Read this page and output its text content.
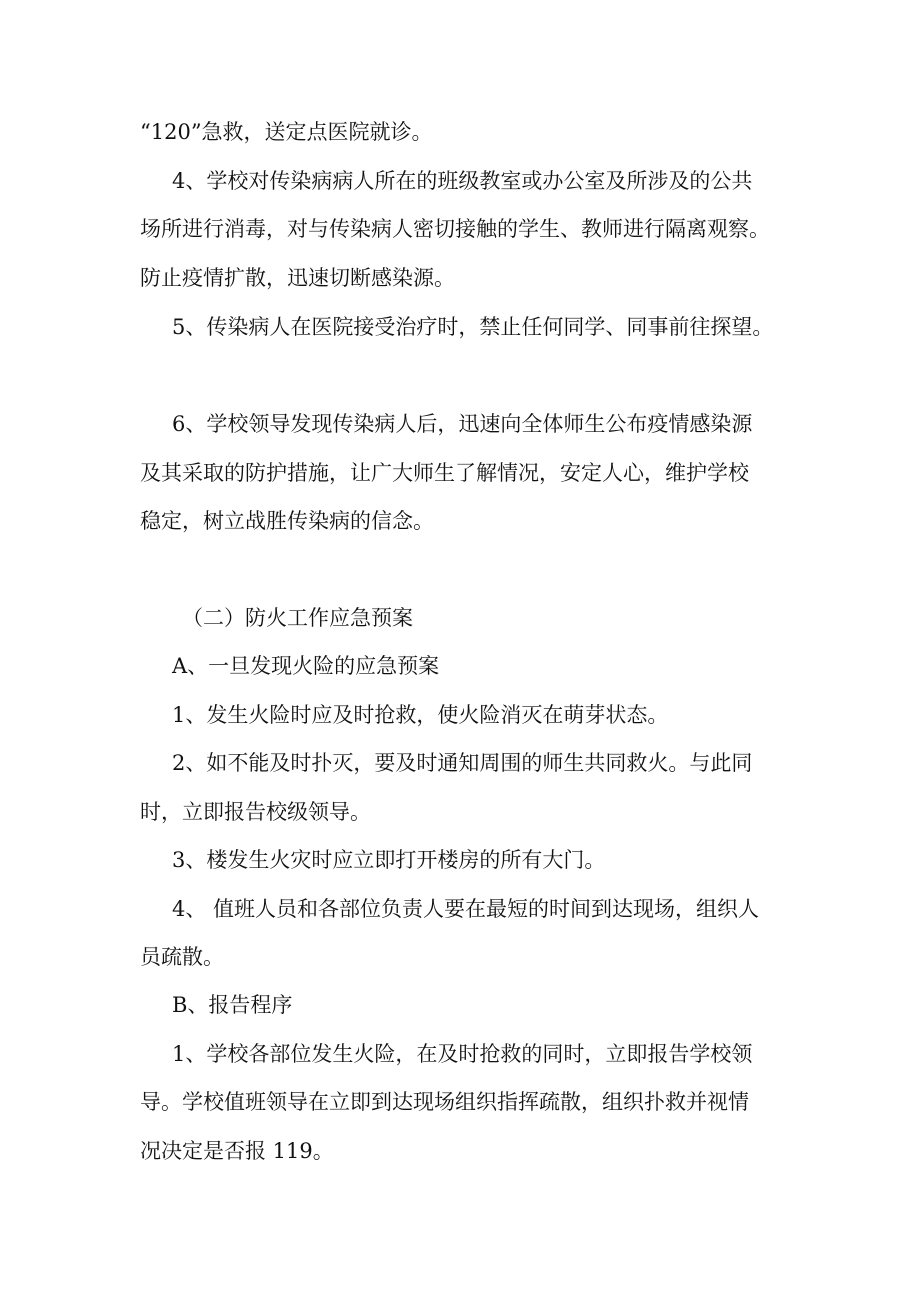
“120”急救，送定点医院就诊。
4、学校对传染病病人所在的班级教室或办公室及所涉及的公共
场所进行消毒，对与传染病人密切接触的学生、教师进行隔离观察。
防止疫情扩散，迅速切断感染源。
5、传染病人在医院接受治疗时，禁止任何同学、同事前往探望。
6、学校领导发现传染病人后，迅速向全体师生公布疫情感染源
及其采取的防护措施，让广大师生了解情况，安定人心，维护学校
稳定，树立战胜传染病的信念。
（二）防火工作应急预案
A、一旦发现火险的应急预案
1、发生火险时应及时抢救，使火险消灭在萌芽状态。
2、如不能及时扑灭，要及时通知周围的师生共同救火。与此同
时，立即报告校级领导。
3、楼发生火灾时应立即打开楼房的所有大门。
4、 值班人员和各部位负责人要在最短的时间到达现场，组织人
员疏散。
B、报告程序
1、学校各部位发生火险，在及时抢救的同时，立即报告学校领
导。学校值班领导在立即到达现场组织指挥疏散，组织扑救并视情
况决定是否报 119。
